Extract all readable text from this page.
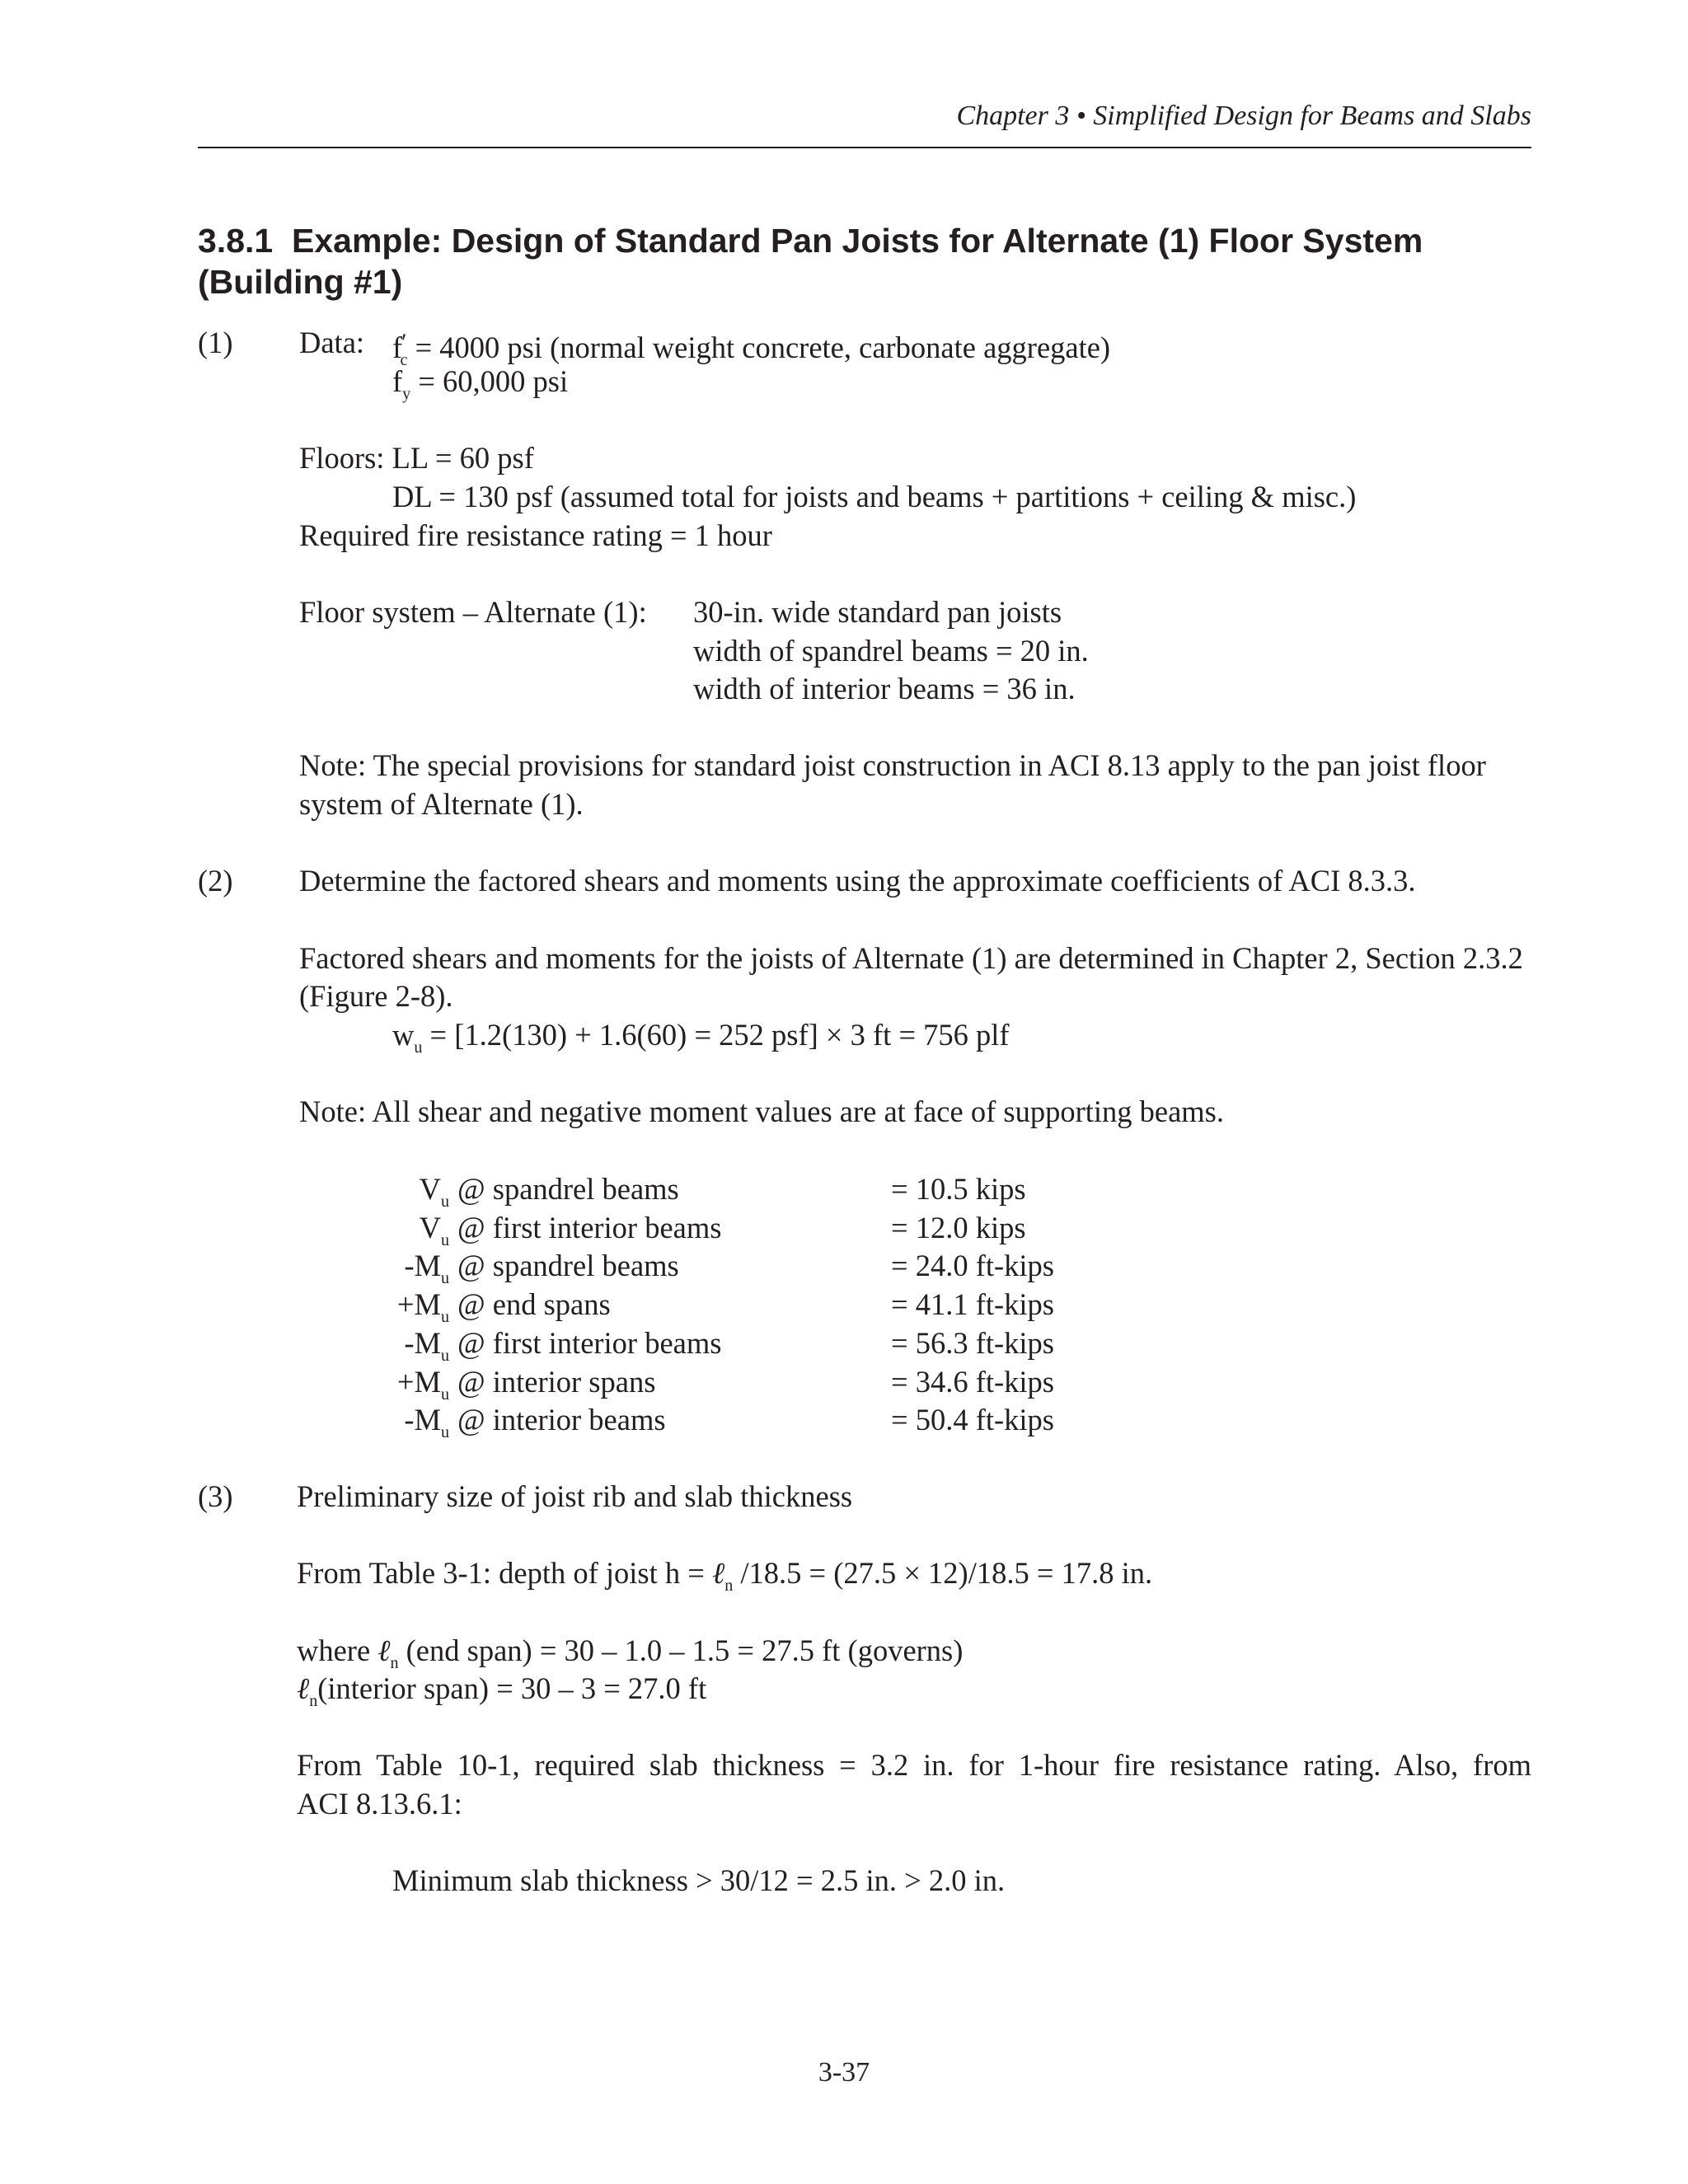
Chapter 3 • Simplified Design for Beams and Slabs
3.8.1 Example: Design of Standard Pan Joists for Alternate (1) Floor System
(Building #1)
(1) Data: $f'_c = 4000$ psi (normal weight concrete, carbonate aggregate)
$f_y = 60,000$ psi
Floors: LL = 60 psf
DL = 130 psf (assumed total for joists and beams + partitions + ceiling & misc.)
Required fire resistance rating = 1 hour
Floor system – Alternate (1): 30-in. wide standard pan joists
width of spandrel beams = 20 in.
width of interior beams = 36 in.
Note: The special provisions for standard joist construction in ACI 8.13 apply to the pan joist floor
system of Alternate (1).
(2) Determine the factored shears and moments using the approximate coefficients of ACI 8.3.3.
Factored shears and moments for the joists of Alternate (1) are determined in Chapter 2, Section 2.3.2
(Figure 2-8).
$w_u = [1.2(130) + 1.6(60) = 252$ psf] × 3 ft = 756 plf
Note: All shear and negative moment values are at face of supporting beams.
$V_u$ @ spandrel beams	= 10.5 kips
$V_u$ @ first interior beams	= 12.0 kips
$-M_u$ @ spandrel beams	= 24.0 ft-kips
$+M_u$ @ end spans	= 41.1 ft-kips
$-M_u$ @ first interior beams	= 56.3 ft-kips
$+M_u$ @ interior spans	= 34.6 ft-kips
$-M_u$ @ interior beams	= 50.4 ft-kips
(3) Preliminary size of joist rib and slab thickness
From Table 3-1: depth of joist h = ℓ$_n$ /18.5 = (27.5 × 12)/18.5 = 17.8 in.
where ℓ$_n$ (end span) = 30 – 1.0 – 1.5 = 27.5 ft (governs)
ℓ$_n$(interior span) = 30 – 3 = 27.0 ft
From Table 10-1, required slab thickness = 3.2 in. for 1-hour fire resistance rating. Also, from
ACI 8.13.6.1:
Minimum slab thickness > 30/12 = 2.5 in. > 2.0 in.
3-37
